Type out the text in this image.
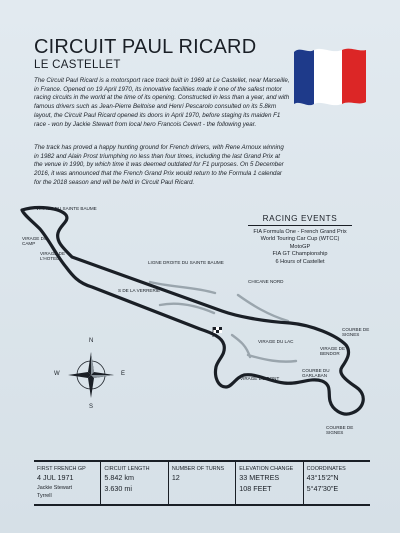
CIRCUIT PAUL RICARD
LE CASTELLET
The Circuit Paul Ricard is a motorsport race track built in 1969 at Le Castellet, near Marseille, in France. Opened on 19 April 1970, its innovative facilities made it one of the safest motor racing circuits in the world at the time of its opening. Constructed in less than a year, and with famous drivers such as Jean-Pierre Beltoise and Henri Pescarolo consulted on its 5.8km layout, the Circuit Paul Ricard opened its doors in April 1970, before staging its maiden F1 race - won by Jackie Stewart from local hero Francois Cevert - the following year.
The track has proved a happy hunting ground for French drivers, with Rene Arnoux winning in 1982 and Alain Prost triumphing no less than four times, including the last Grand Prix at the venue in 1990, by which time it was deemed outdated for F1 purposes. On 5 December 2016, it was announced that the French Grand Prix would return to the Formula 1 calendar for the 2018 season and will be held in Circuit Paul Ricard.
RACING EVENTS
FIA Formula One - French Grand Prix
World Touring Car Cup (WTCC)
MotoGP
FIA GT Championship
6 Hours of Castellet
VIRAGE DU SAINTE BAUME
VIRAGE DU CAMP
VIRAGE DE L'HOTEL
LIGNE DROITE DU SAINTE BAUME
S DE LA VERRERIE
CHICANE NORD
VIRAGE DU LAC
VIRAGE DU PONT
COURBE DU GARLABAN
VIRAGE DE BENDOR
COURBE DE SIGNES
COURBE DE SIGNES
N
S
E
W
FIRST FRENCH GP
4 JUL 1971
Jackie Stewart
Tyrrell
CIRCUIT LENGTH
5.842 km
3.630 mi
NUMBER OF TURNS
12
ELEVATION CHANGE
33 METRES
108 FEET
COORDINATES
43°15'2"N
5°47'30"E
